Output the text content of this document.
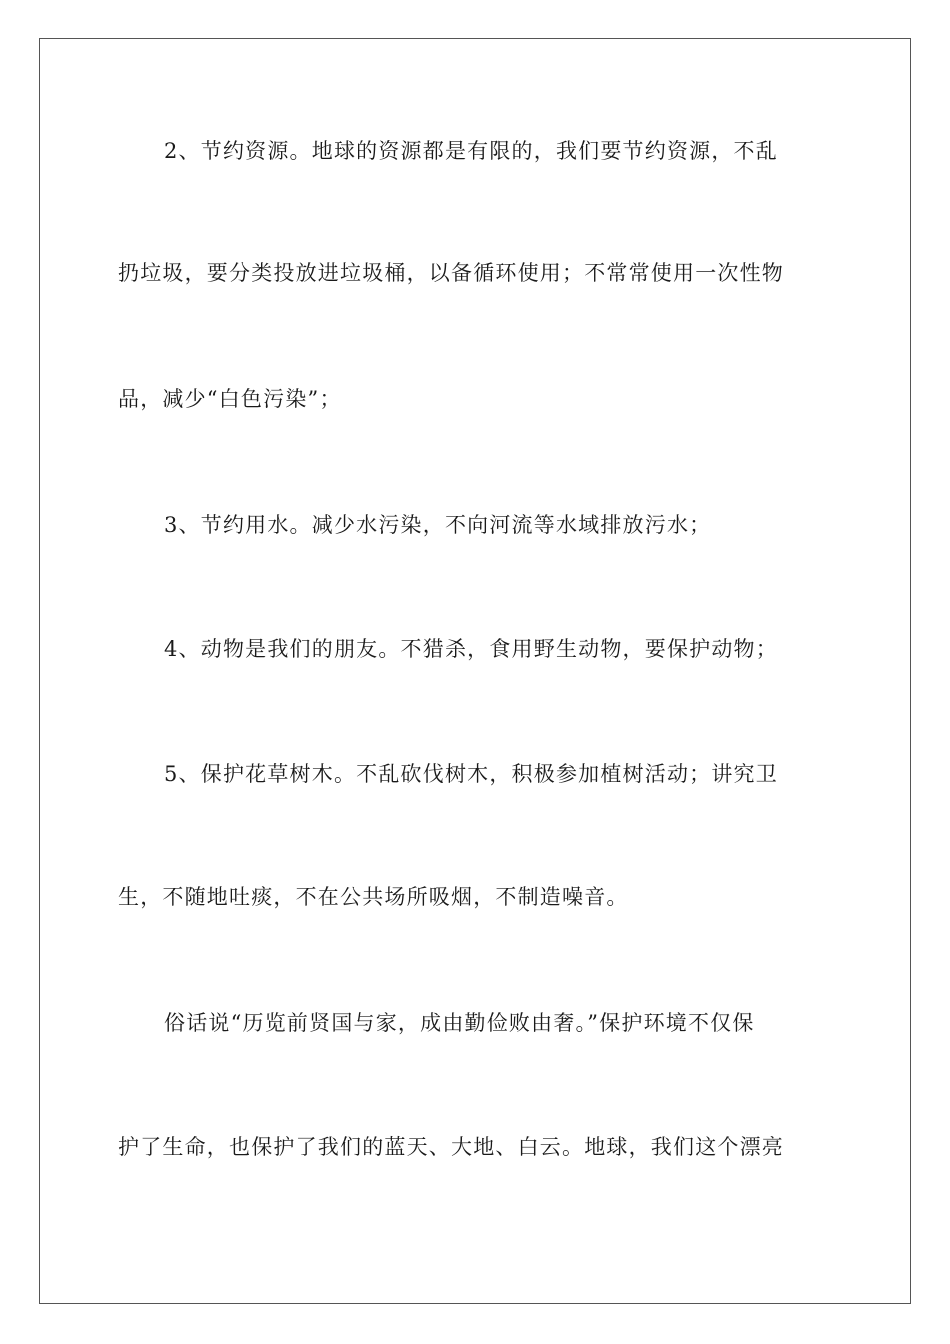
2、节约资源。地球的资源都是有限的，我们要节约资源，不乱
扔垃圾，要分类投放进垃圾桶，以备循环使用；不常常使用一次性物
品，减少“白色污染”；
3、节约用水。减少水污染，不向河流等水域排放污水；
4、动物是我们的朋友。不猎杀，食用野生动物，要保护动物；
5、保护花草树木。不乱砍伐树木，积极参加植树活动；讲究卫
生，不随地吐痰，不在公共场所吸烟，不制造噪音。
俗话说“历览前贤国与家，成由勤俭败由奢。”保护环境不仅保
护了生命，也保护了我们的蓝天、大地、白云。地球，我们这个漂亮
